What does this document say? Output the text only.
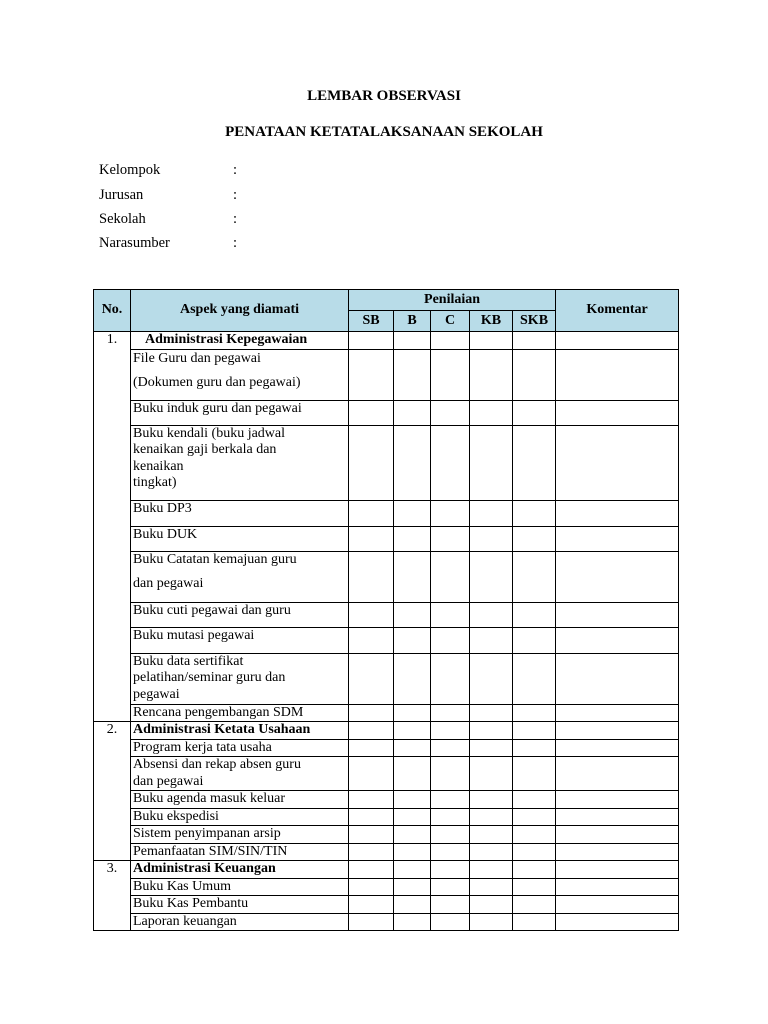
LEMBAR OBSERVASI
PENATAAN KETATALAKSANAAN SEKOLAH
Kelompok	:
Jurusan	:
Sekolah	:
Narasumber	:
No.	Aspek yang diamati	Penilaian					Komentar
		SB	B	C	KB	SKB	
1.	Administrasi Kepegawaian						

	File Guru dan pegawai
(Dokumen guru dan pegawai)						

	Buku induk guru dan pegawai						

	Buku kendali (buku jadwal
kenaikan gaji berkala dan
kenaikan
tingkat)						

	Buku DP3						

	Buku DUK						

	Buku Catatan kemajuan guru
dan pegawai						

	Buku cuti pegawai dan guru						

	Buku mutasi pegawai						

	Buku data sertifikat
pelatihan/seminar guru dan
pegawai						

	Rencana pengembangan SDM						

2.	Administrasi Ketata Usahaan						

	Program kerja tata usaha						

	Absensi dan rekap absen guru
dan pegawai						

	Buku agenda masuk keluar						

	Buku ekspedisi						

	Sistem penyimpanan arsip						

	Pemanfaatan SIM/SIN/TIN						

3.	Administrasi Keuangan						

	Buku Kas Umum						

	Buku Kas Pembantu						

	Laporan keuangan						
